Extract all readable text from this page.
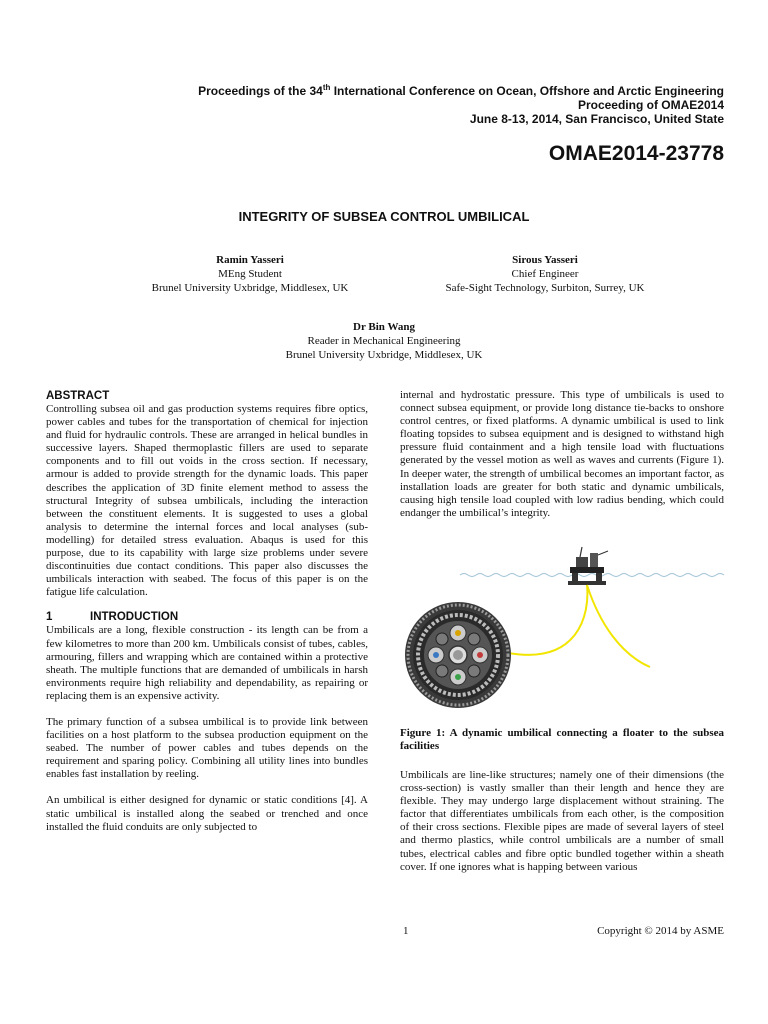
Proceedings of the 34th International Conference on Ocean, Offshore and Arctic Engineering
Proceeding of OMAE2014
June 8-13, 2014, San Francisco, United State
OMAE2014-23778
INTEGRITY OF SUBSEA CONTROL UMBILICAL
Ramin Yasseri
MEng Student
Brunel University Uxbridge, Middlesex, UK
Sirous Yasseri
Chief Engineer
Safe-Sight Technology, Surbiton, Surrey, UK
Dr Bin Wang
Reader in Mechanical Engineering
Brunel University Uxbridge, Middlesex, UK
ABSTRACT

Controlling subsea oil and gas production systems requires fibre optics, power cables and tubes for the transportation of chemical for injection and fluid for hydraulic controls. These are arranged in helical bundles in successive layers. Shaped thermoplastic fillers are used to separate components and to fill out voids in the cross section. If necessary, armour is added to provide strength for the dynamic loads. This paper describes the application of 3D finite element method to assess the structural Integrity of subsea umbilicals, including the interaction between the constituent elements. It is suggested to uses a global analysis to determine the internal forces and local analyses (sub-modelling) for detailed stress evaluation. Abaqus is used for this purpose, due to its capability with large size problems under severe discontinuities due contact conditions. This paper also discusses the umbilicals interaction with seabed. The focus of this paper is on the fatigue life calculation.

1	INTRODUCTION

Umbilicals are a long, flexible construction - its length can be from a few kilometres to more than 200 km. Umbilicals consist of tubes, cables, armouring, fillers and wrapping which are contained within a protective sheath. The multiple functions that are demanded of umbilicals in harsh environments require high reliability and dependability, as repairing or replacing them is an expensive activity.

The primary function of a subsea umbilical is to provide link between facilities on a host platform to the subsea production equipment on the seabed. The number of power cables and tubes depends on the requirement and sparing policy. Combining all utility lines into bundles enables fast installation by reeling.

An umbilical is either designed for dynamic or static conditions [4]. A static umbilical is installed along the seabed or trenched and once installed the fluid conduits are only subjected to

internal and hydrostatic pressure. This type of umbilicals is used to connect subsea equipment, or provide long distance tie-backs to onshore control centres, or fixed platforms. A dynamic umbilical is used to link floating topsides to subsea equipment and is designed to withstand high pressure fluid containment and a high tensile load with fluctuations generated by the vessel motion as well as waves and currents (Figure 1). In deeper water, the strength of umbilical becomes an important factor, as installation loads are greater for both static and dynamic umbilicals, causing high tensile load coupled with low radius bending, which could endanger the umbilical’s integrity.

Figure 1: A dynamic umbilical connecting a floater to the subsea facilities

Umbilicals are line-like structures; namely one of their dimensions (the cross-section) is vastly smaller than their length and hence they are flexible. They may undergo large displacement without straining. The factor that differentiates umbilicals from each other, is the composition of their cross sections. Flexible pipes are made of several layers of steel and thermo plastics, while control umbilicals are a number of small tubes, electrical cables and fibre optic bundled together within a sheath cover. If one ignores what is happing between various

1	Copyright © 2014 by ASME
